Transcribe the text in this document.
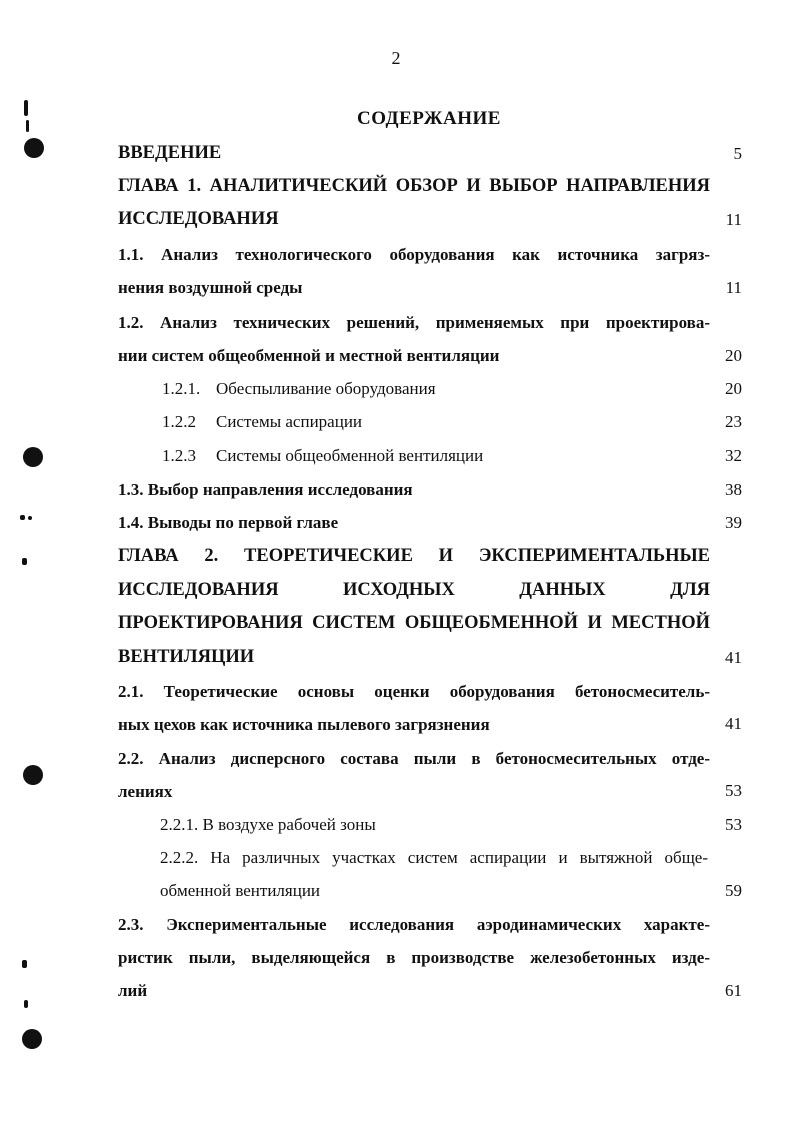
2
СОДЕРЖАНИЕ
ВВЕДЕНИЕ	5
ГЛАВА 1. АНАЛИТИЧЕСКИЙ ОБЗОР И ВЫБОР НАПРАВЛЕНИЯ
ИССЛЕДОВАНИЯ	11
1.1. Анализ технологического оборудования как источника загряз-
нения воздушной среды	11
1.2. Анализ технических решений, применяемых при проектирова-
нии систем общеобменной и местной вентиляции	20
1.2.1. Обеспыливание оборудования	20
1.2.2 Системы аспирации	23
1.2.3 Системы общеобменной вентиляции	32
1.3. Выбор направления исследования	38
1.4. Выводы по первой главе	39
ГЛАВА 2. ТЕОРЕТИЧЕСКИЕ И ЭКСПЕРИМЕНТАЛЬНЫЕ
ИССЛЕДОВАНИЯ ИСХОДНЫХ ДАННЫХ ДЛЯ
ПРОЕКТИРОВАНИЯ СИСТЕМ ОБЩЕОБМЕННОЙ И МЕСТНОЙ
ВЕНТИЛЯЦИИ	41
2.1. Теоретические основы оценки оборудования бетоносмеситель-
ных цехов как источника пылевого загрязнения	41
2.2. Анализ дисперсного состава пыли в бетоносмесительных отде-
лениях	53
2.2.1. В воздухе рабочей зоны	53
2.2.2. На различных участках систем аспирации и вытяжной обще-
обменной вентиляции	59
2.3. Экспериментальные исследования аэродинамических характе-
ристик пыли, выделяющейся в производстве железобетонных изде-
лий	61
